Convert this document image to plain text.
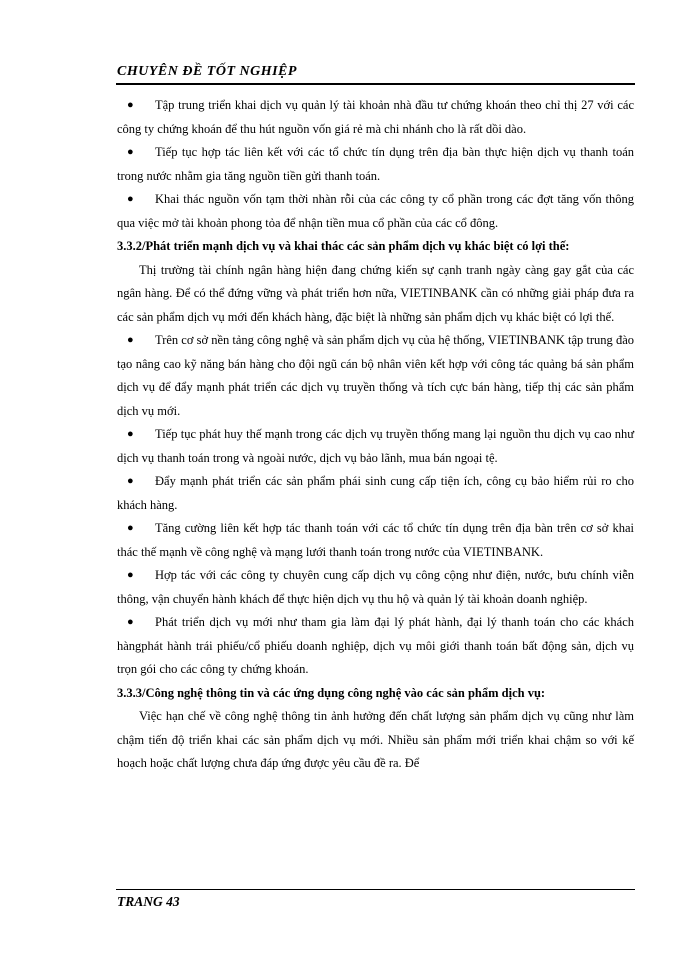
CHUYÊN ĐỀ TỐT NGHIỆP
● Tập trung triển khai dịch vụ quản lý tài khoản nhà đầu tư chứng khoán theo chỉ thị 27 với các công ty chứng khoán để thu hút nguồn vốn giá rẻ mà chi nhánh cho là rất dồi dào.
● Tiếp tục hợp tác liên kết với các tổ chức tín dụng trên địa bàn thực hiện dịch vụ thanh toán trong nước nhằm gia tăng nguồn tiền gửi thanh toán.
● Khai thác nguồn vốn tạm thời nhàn rỗi của các công ty cổ phần trong các đợt tăng vốn thông qua việc mở tài khoản phong tỏa để nhận tiền mua cổ phần của các cổ đông.
3.3.2/Phát triển mạnh dịch vụ và khai thác các sản phẩm dịch vụ khác biệt có lợi thế:
Thị trường tài chính ngân hàng hiện đang chứng kiến sự cạnh tranh ngày càng gay gắt của các ngân hàng. Để có thể đứng vững và phát triển hơn nữa, VIETINBANK cần có những giải pháp đưa ra các sản phẩm dịch vụ mới đến khách hàng, đặc biệt là những sản phẩm dịch vụ khác biệt có lợi thế.
● Trên cơ sở nền tảng công nghệ và sản phẩm dịch vụ của hệ thống, VIETINBANK tập trung đào tạo nâng cao kỹ năng bán hàng cho đội ngũ cán bộ nhân viên kết hợp với công tác quảng bá sản phẩm dịch vụ để đẩy mạnh phát triển các dịch vụ truyền thống và tích cực bán hàng, tiếp thị các sản phẩm dịch vụ mới.
● Tiếp tục phát huy thế mạnh trong các dịch vụ truyền thống mang lại nguồn thu dịch vụ cao như dịch vụ thanh toán trong và ngoài nước, dịch vụ bảo lãnh, mua bán ngoại tệ.
● Đẩy mạnh phát triển các sản phẩm phái sinh cung cấp tiện ích, công cụ bảo hiểm rủi ro cho khách hàng.
● Tăng cường liên kết hợp tác thanh toán với các tổ chức tín dụng trên địa bàn trên cơ sở khai thác thế mạnh về công nghệ và mạng lưới thanh toán trong nước của VIETINBANK.
● Hợp tác với các công ty chuyên cung cấp dịch vụ công cộng như điện, nước, bưu chính viễn thông, vận chuyển hành khách để thực hiện dịch vụ thu hộ và quản lý tài khoản doanh nghiệp.
● Phát triển dịch vụ mới như tham gia làm đại lý phát hành, đại lý thanh toán cho các khách hàngphát hành trái phiếu/cổ phiếu doanh nghiệp, dịch vụ môi giới thanh toán bất động sản, dịch vụ trọn gói cho các công ty chứng khoán.
3.3.3/Công nghệ thông tin và các ứng dụng công nghệ vào các sản phẩm dịch vụ:
Việc hạn chế về công nghệ thông tin ảnh hưởng đến chất lượng sản phẩm dịch vụ cũng như làm chậm tiến độ triển khai các sản phẩm dịch vụ mới. Nhiều sản phẩm mới triển khai chậm so với kế hoạch hoặc chất lượng chưa đáp ứng được yêu cầu đề ra. Để
TRANG 43
